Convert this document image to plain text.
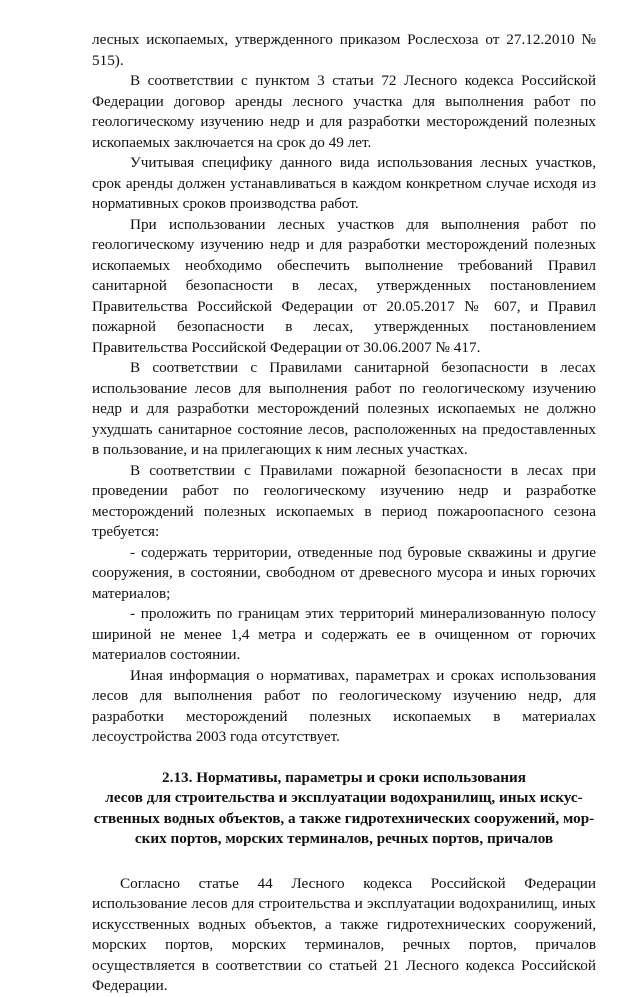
лесных ископаемых, утвержденного приказом Рослесхоза от 27.12.2010 № 515).

В соответствии с пунктом 3 статьи 72 Лесного кодекса Российской Федерации договор аренды лесного участка для выполнения работ по геологическому изучению недр и для разработки месторождений полезных ископаемых заключается на срок до 49 лет.

Учитывая специфику данного вида использования лесных участков, срок аренды должен устанавливаться в каждом конкретном случае исходя из нормативных сроков производства работ.

При использовании лесных участков для выполнения работ по геологическому изучению недр и для разработки месторождений полезных ископаемых необходимо обеспечить выполнение требований Правил санитарной безопасности в лесах, утвержденных постановлением Правительства Российской Федерации от 20.05.2017 № 607, и Правил пожарной безопасности в лесах, утвержденных постановлением Правительства Российской Федерации от 30.06.2007 № 417.

В соответствии с Правилами санитарной безопасности в лесах использование лесов для выполнения работ по геологическому изучению недр и для разработки месторождений полезных ископаемых не должно ухудшать санитарное состояние лесов, расположенных на предоставленных в пользование, и на прилегающих к ним лесных участках.

В соответствии с Правилами пожарной безопасности в лесах при проведении работ по геологическому изучению недр и разработке месторождений полезных ископаемых в период пожароопасного сезона требуется:

- содержать территории, отведенные под буровые скважины и другие сооружения, в состоянии, свободном от древесного мусора и иных горючих материалов;

- проложить по границам этих территорий минерализованную полосу шириной не менее 1,4 метра и содержать ее в очищенном от горючих материалов состоянии.

Иная информация о нормативах, параметрах и сроках использования лесов для выполнения работ по геологическому изучению недр, для разработки месторождений полезных ископаемых в материалах лесоустройства 2003 года отсутствует.

2.13. Нормативы, параметры и сроки использования
лесов для строительства и эксплуатации водохранилищ, иных искус-
ственных водных объектов, а также гидротехнических сооружений, мор-
ских портов, морских терминалов, речных портов, причалов

Согласно статье 44 Лесного кодекса Российской Федерации использование лесов для строительства и эксплуатации водохранилищ, иных искусственных водных объектов, а также гидротехнических сооружений, морских портов, морских терминалов, речных портов, причалов осуществляется в соответствии со статьей 21 Лесного кодекса Российской Федерации.
